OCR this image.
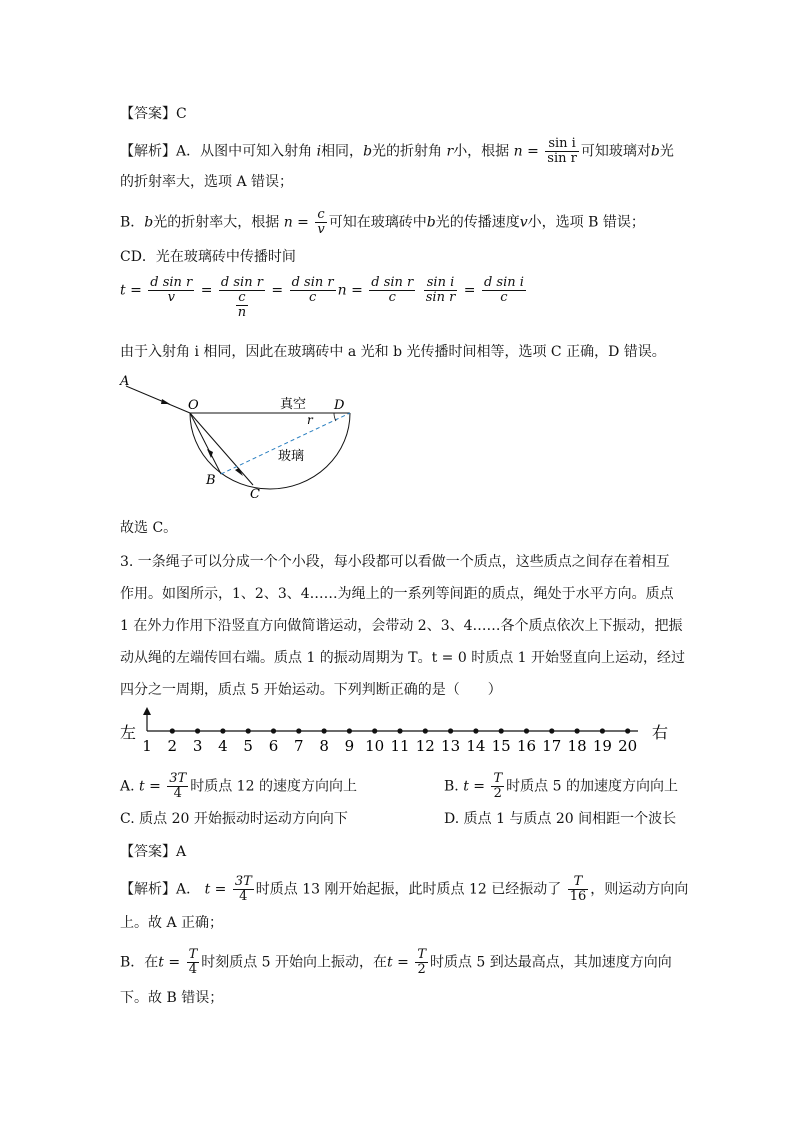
【答案】C
【解析】A．从图中可知入射角 i相同，b光的折射角 r小，根据 $n = \frac{\text{sin i}}{\text{sin r}}$ 可知玻璃对b光
的折射率大，选项 A 错误；
B．b光的折射率大，根据 $n = \frac{c}{v}$ 可知在玻璃砖中b光的传播速度v小，选项 B 错误；
CD．光在玻璃砖中传播时间
$t = \frac{\text{d sin r}}{v} = \frac{\text{d sin r}}{\frac{c}{n}} = \frac{\text{d sin r}}{c}$ $n = \frac{\text{d sin r}}{c}$
$\frac{\text{sin i}}{\text{sin r}} = \frac{\text{d sin i}}{c}$
由于入射角 i 相同，因此在玻璃砖中 a 光和 b 光传播时间相等，选项 C 正确，D 错误。
A
O	D
r
B
C
真空
玻璃
故选 C。
3. 一条绳子可以分成一个个小段，每小段都可以看做一个质点，这些质点之间存在着相互
作用。如图所示，1、2、3、4……为绳上的一系列等间距的质点，绳处于水平方向。质点
1 在外力作用下沿竖直方向做简谐运动，会带动 2、3、4……各个质点依次上下振动，把振
动从绳的左端传回右端。质点 1 的振动周期为 T。t = 0 时质点 1 开始竖直向上运动，经过
四分之一周期，质点 5 开始运动。下列判断正确的是（　　）
左	右
1 2 3 4 5 6 7 8 9 10 11 12 13 14 15 16 17 18 19 20
A. $t = \frac{3T}{4}$ 时质点 12 的速度方向向上	B. $t = \frac{T}{2}$ 时质点 5 的加速度方向向上
C. 质点 20 开始振动时运动方向向下	D. 质点 1 与质点 20 间相距一个波长
【答案】A
【解析】A． $t = \frac{3T}{4}$ 时质点 13 刚开始起振，此时质点 12 已经振动了 $\frac{T}{16}$ ，则运动方向向
上。故 A 正确；
B．在$t = \frac{T}{4}$ 时刻质点 5 开始向上振动，在$t = \frac{T}{2}$ 时质点 5 到达最高点，其加速度方向向
下。故 B 错误；
